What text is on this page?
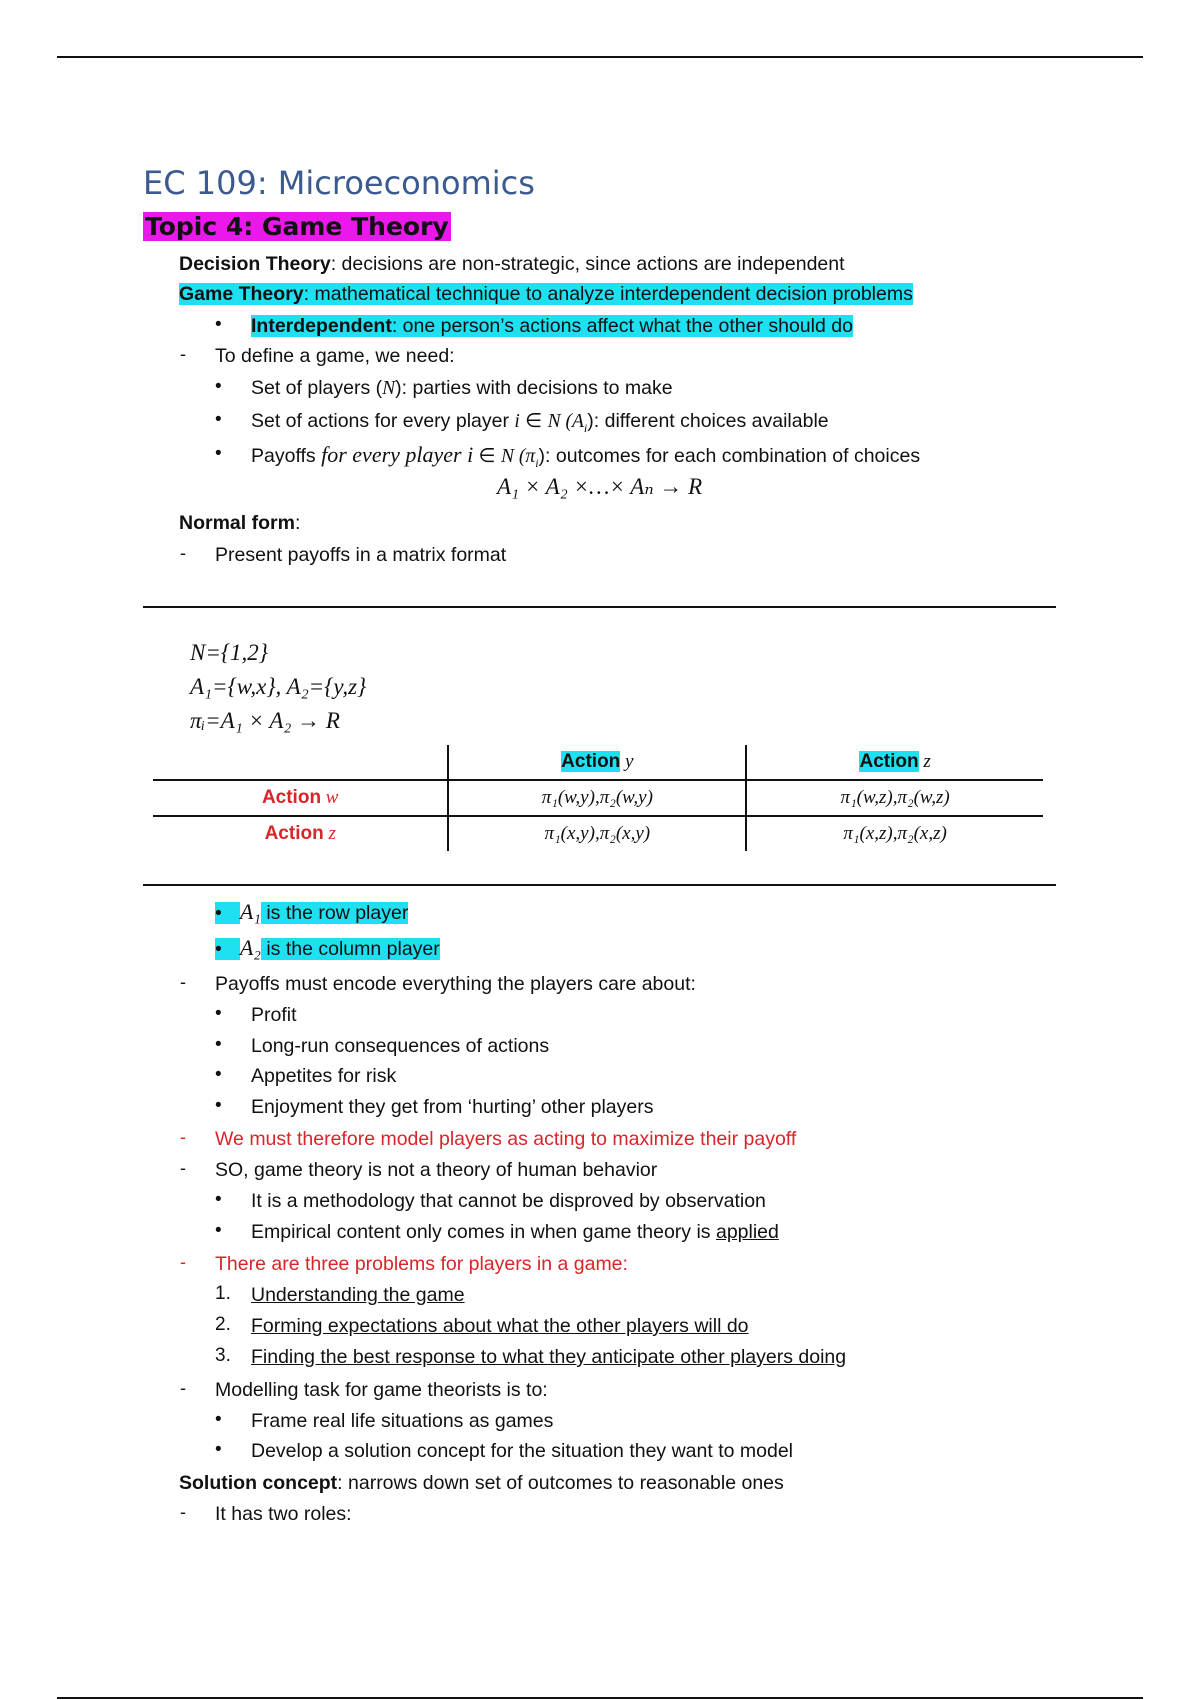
EC 109: Microeconomics
Topic 4: Game Theory
Decision Theory: decisions are non-strategic, since actions are independent
Game Theory: mathematical technique to analyze interdependent decision problems
• Interdependent: one person’s actions affect what the other should do
- To define a game, we need:
• Set of players (N): parties with decisions to make
• Set of actions for every player i ∈ N $(A_i)$: different choices available
• Payoffs for every player i ∈ N $(\pi_i)$: outcomes for each combination of choices
A₁ × A₂ ×…× Aₙ → R
Normal form:
- Present payoffs in a matrix format
N={1,2}
A₁={w,x}, A₂={y,z}
πᵢ=A₁ × A₂ → R
	Action y	Action z
Action w	π₁(w,y),π₂(w,y)	π₁(w,z),π₂(w,z)
Action z	π₁(x,y),π₂(x,y)	π₁(x,z),π₂(x,z)
• A₁ is the row player
• A₂ is the column player
- Payoffs must encode everything the players care about:
• Profit
• Long-run consequences of actions
• Appetites for risk
• Enjoyment they get from ‘hurting’ other players
- We must therefore model players as acting to maximize their payoff
- SO, game theory is not a theory of human behavior
• It is a methodology that cannot be disproved by observation
• Empirical content only comes in when game theory is applied
- There are three problems for players in a game:
1. Understanding the game
2. Forming expectations about what the other players will do
3. Finding the best response to what they anticipate other players doing
- Modelling task for game theorists is to:
• Frame real life situations as games
• Develop a solution concept for the situation they want to model
Solution concept: narrows down set of outcomes to reasonable ones
- It has two roles:
